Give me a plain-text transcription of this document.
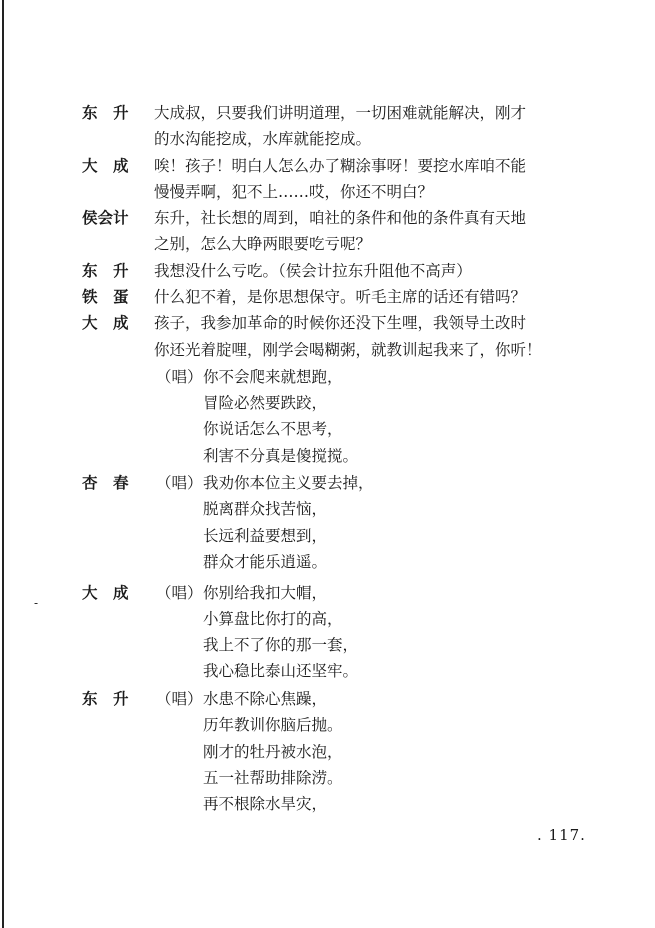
东　升 大成叔，只要我们讲明道理，一切困难就能解决，刚才
的水沟能挖成，水库就能挖成。
大　成 唉！孩子！明白人怎么办了糊涂事呀！要挖水库咱不能
慢慢弄啊，犯不上……哎，你还不明白？
侯会计 东升，社长想的周到，咱社的条件和他的条件真有天地
之别，怎么大睁两眼要吃亏呢？
东　升 我想没什么亏吃。（侯会计拉东升阻他不高声）
铁　蛋 什么犯不着，是你思想保守。听毛主席的话还有错吗？
大　成 孩子，我参加革命的时候你还没下生哩，我领导土改时
你还光着腚哩，刚学会喝糊粥，就教训起我来了，你听！
（唱） 你不会爬来就想跑，
冒险必然要跌跤，
你说话怎么不思考，
利害不分真是傻搅搅。
杏　春 （唱） 我劝你本位主义要去掉，
脱离群众找苦恼，
长远利益要想到，
群众才能乐逍遥。
-
大　成 （唱） 你别给我扣大帽，
小算盘比你打的高，
我上不了你的那一套，
我心稳比泰山还坚牢。
东　升 （唱） 水患不除心焦躁，
历年教训你脑后抛。
刚才的牡丹被水泡，
五一社帮助排除涝。
再不根除水旱灾，
. 117.
